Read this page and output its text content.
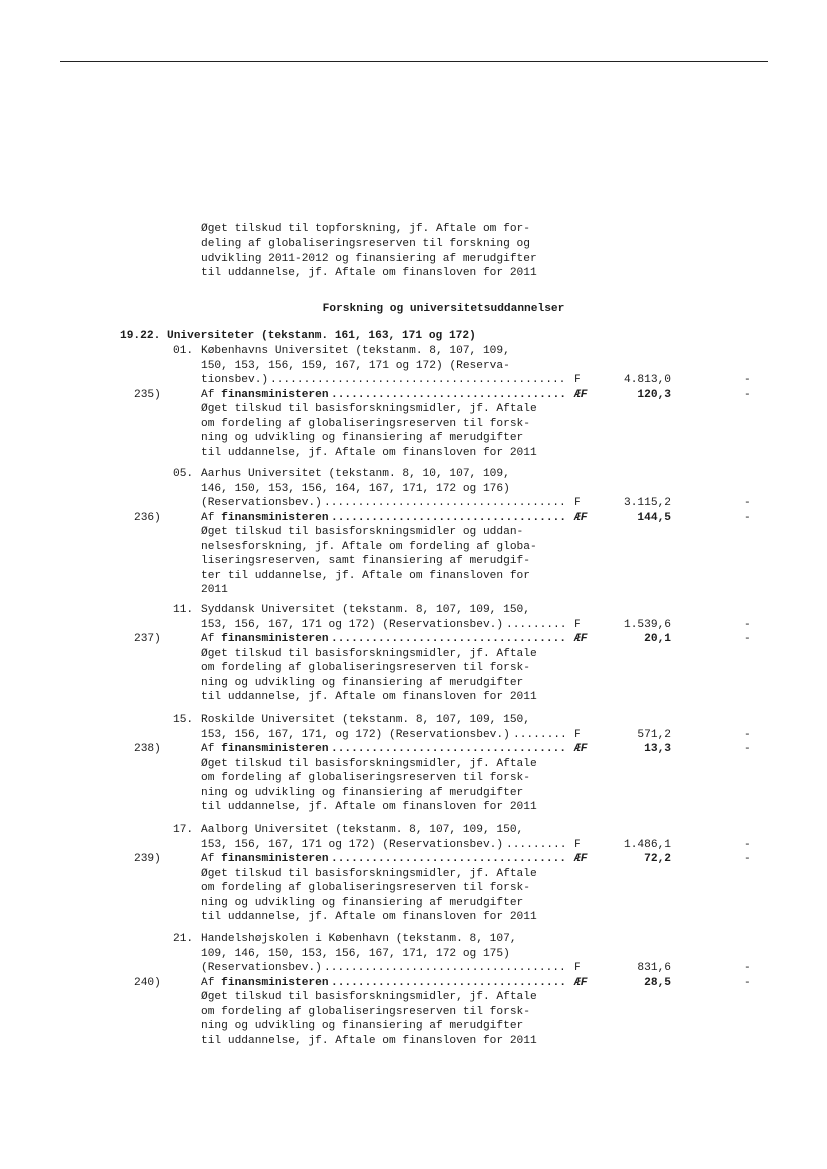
Øget tilskud til topforskning, jf. Aftale om for-
deling af globaliseringsreserven til forskning og
udvikling 2011-2012 og finansiering af merudgifter
til uddannelse, jf. Aftale om finansloven for 2011
Forskning og universitetsuddannelser
19.22. Universiteter (tekstanm. 161, 163, 171 og 172)
01. Københavns Universitet (tekstanm. 8, 107, 109,
150, 153, 156, 159, 167, 171 og 172) (Reserva-
tionsbev.) ............................................ F	4.813,0	-
235)	Af finansministeren ................................... ÆF	120,3	-
Øget tilskud til basisforskningsmidler, jf. Aftale
om fordeling af globaliseringsreserven til forsk-
ning og udvikling og finansiering af merudgifter
til uddannelse, jf. Aftale om finansloven for 2011
05. Aarhus Universitet (tekstanm. 8, 10, 107, 109,
146, 150, 153, 156, 164, 167, 171, 172 og 176)
(Reservationsbev.) .................................... F	3.115,2	-
236)	Af finansministeren ................................... ÆF	144,5	-
Øget tilskud til basisforskningsmidler og uddan-
nelsesforskning, jf. Aftale om fordeling af globa-
liseringsreserven, samt finansiering af merudgif-
ter til uddannelse, jf. Aftale om finansloven for
2011
11. Syddansk Universitet (tekstanm. 8, 107, 109, 150,
153, 156, 167, 171 og 172) (Reservationsbev.) ......... F	1.539,6	-
237)	Af finansministeren ................................... ÆF	20,1	-
Øget tilskud til basisforskningsmidler, jf. Aftale
om fordeling af globaliseringsreserven til forsk-
ning og udvikling og finansiering af merudgifter
til uddannelse, jf. Aftale om finansloven for 2011
15. Roskilde Universitet (tekstanm. 8, 107, 109, 150,
153, 156, 167, 171, og 172) (Reservationsbev.) ........ F	571,2	-
238)	Af finansministeren ................................... ÆF	13,3	-
Øget tilskud til basisforskningsmidler, jf. Aftale
om fordeling af globaliseringsreserven til forsk-
ning og udvikling og finansiering af merudgifter
til uddannelse, jf. Aftale om finansloven for 2011
17. Aalborg Universitet (tekstanm. 8, 107, 109, 150,
153, 156, 167, 171 og 172) (Reservationsbev.) ......... F	1.486,1	-
239)	Af finansministeren ................................... ÆF	72,2	-
Øget tilskud til basisforskningsmidler, jf. Aftale
om fordeling af globaliseringsreserven til forsk-
ning og udvikling og finansiering af merudgifter
til uddannelse, jf. Aftale om finansloven for 2011
21. Handelshøjskolen i København (tekstanm. 8, 107,
109, 146, 150, 153, 156, 167, 171, 172 og 175)
(Reservationsbev.) .................................... F	831,6	-
240)	Af finansministeren ................................... ÆF	28,5	-
Øget tilskud til basisforskningsmidler, jf. Aftale
om fordeling af globaliseringsreserven til forsk-
ning og udvikling og finansiering af merudgifter
til uddannelse, jf. Aftale om finansloven for 2011
